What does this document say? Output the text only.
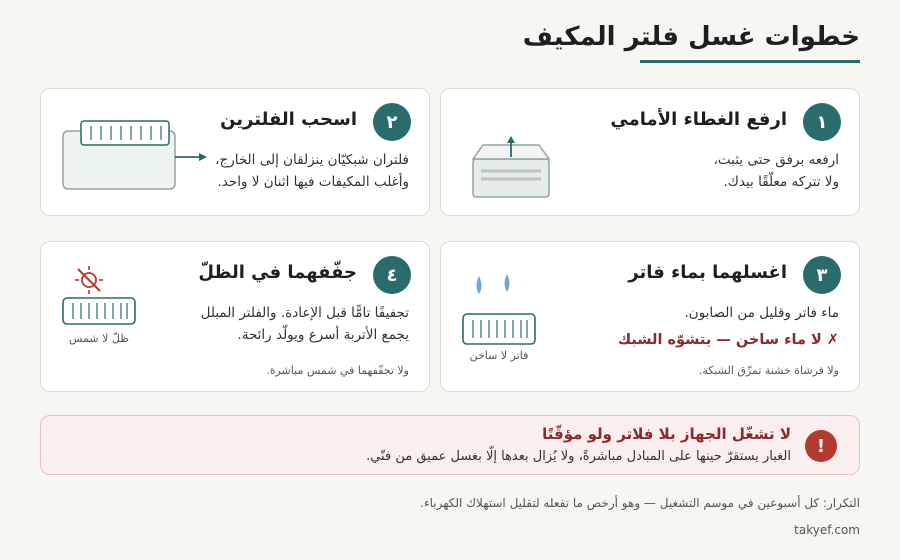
خطوات غسل فلتر المكيف
١
ارفع الغطاء الأمامي
ارفعه برفق حتى يثبت،
ولا تتركه معلّقًا بيدك.
٢
اسحب الفلترين
فلتران شبكيّان ينزلقان إلى الخارج،
وأغلب المكيفات فيها اثنان لا واحد.
٣
اغسلهما بماء فاتر
ماء فاتر وقليل من الصابون.
✗ لا ماء ساخن — يتشوّه الشبك
ولا فرشاة خشنة تمزّق الشبكة.
فاتر لا ساخن
٤
جفّفهما في الظلّ
تجفيفًا تامًّا قبل الإعادة. والفلتر المبلل
يجمع الأتربة أسرع ويولّد رائحة.
ولا تجفّفهما في شمس مباشرة.
ظلّ لا شمس
!
لا تشغّل الجهاز بلا فلاتر ولو مؤقّتًا
الغبار يستقرّ حينها على المبادل مباشرةً، ولا يُزال بعدها إلّا بغسل عميق من فنّي.
التكرار: كل أسبوعين في موسم التشغيل — وهو أرخص ما تفعله لتقليل استهلاك الكهرباء.
takyef.com
